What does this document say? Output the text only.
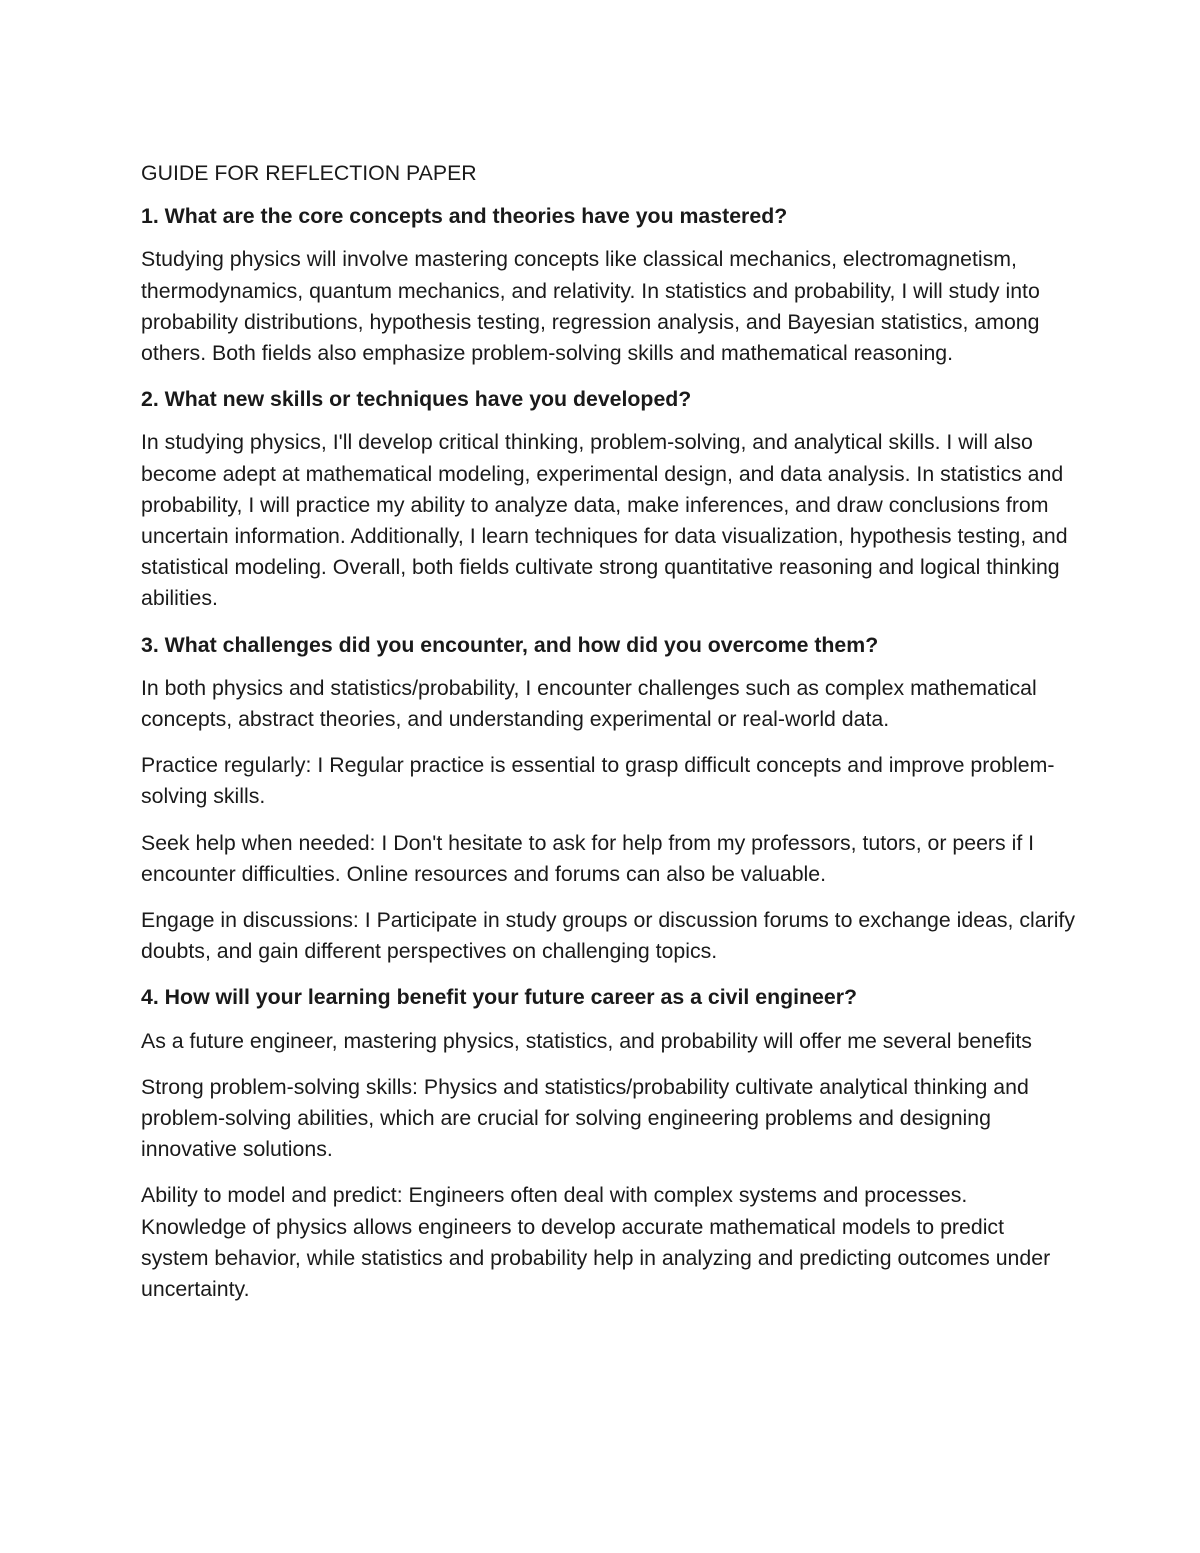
GUIDE FOR REFLECTION PAPER

1. What are the core concepts and theories have you mastered?

Studying physics will involve mastering concepts like classical mechanics, electromagnetism, thermodynamics, quantum mechanics, and relativity. In statistics and probability, I will study into probability distributions, hypothesis testing, regression analysis, and Bayesian statistics, among others. Both fields also emphasize problem-solving skills and mathematical reasoning.

2. What new skills or techniques have you developed?

In studying physics, I'll develop critical thinking, problem-solving, and analytical skills. I will also become adept at mathematical modeling, experimental design, and data analysis. In statistics and probability, I will practice my ability to analyze data, make inferences, and draw conclusions from uncertain information. Additionally, I learn techniques for data visualization, hypothesis testing, and statistical modeling. Overall, both fields cultivate strong quantitative reasoning and logical thinking abilities.

3. What challenges did you encounter, and how did you overcome them?

In both physics and statistics/probability, I encounter challenges such as complex mathematical concepts, abstract theories, and understanding experimental or real-world data.

Practice regularly: I Regular practice is essential to grasp difficult concepts and improve problem-solving skills.

Seek help when needed: I Don't hesitate to ask for help from my professors, tutors, or peers if I encounter difficulties. Online resources and forums can also be valuable.

Engage in discussions: I Participate in study groups or discussion forums to exchange ideas, clarify doubts, and gain different perspectives on challenging topics.

4. How will your learning benefit your future career as a civil engineer?

As a future engineer, mastering physics, statistics, and probability will offer me several benefits

Strong problem-solving skills: Physics and statistics/probability cultivate analytical thinking and problem-solving abilities, which are crucial for solving engineering problems and designing innovative solutions.

Ability to model and predict: Engineers often deal with complex systems and processes. Knowledge of physics allows engineers to develop accurate mathematical models to predict system behavior, while statistics and probability help in analyzing and predicting outcomes under uncertainty.
